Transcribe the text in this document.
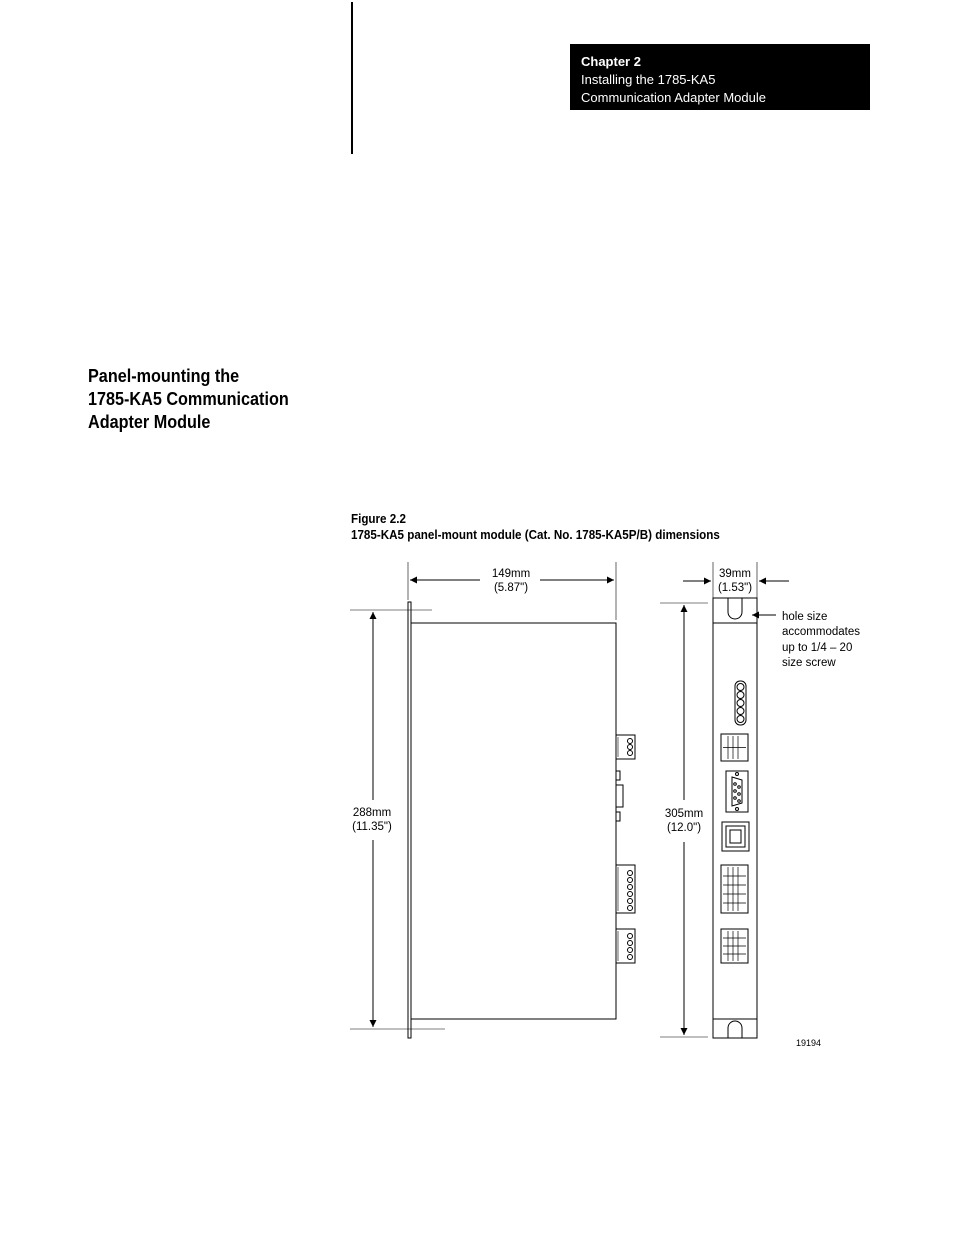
Chapter 2
Installing the 1785-KA5
Communication Adapter Module
Panel-mounting the
1785-KA5 Communication
Adapter Module
Figure 2.2
1785-KA5 panel-mount module (Cat. No. 1785-KA5P/B) dimensions
149mm
(5.87")
288mm
(11.35")
39mm
(1.53")
305mm
(12.0")
hole size
accommodates
up to 1/4 – 20
size screw
19194
